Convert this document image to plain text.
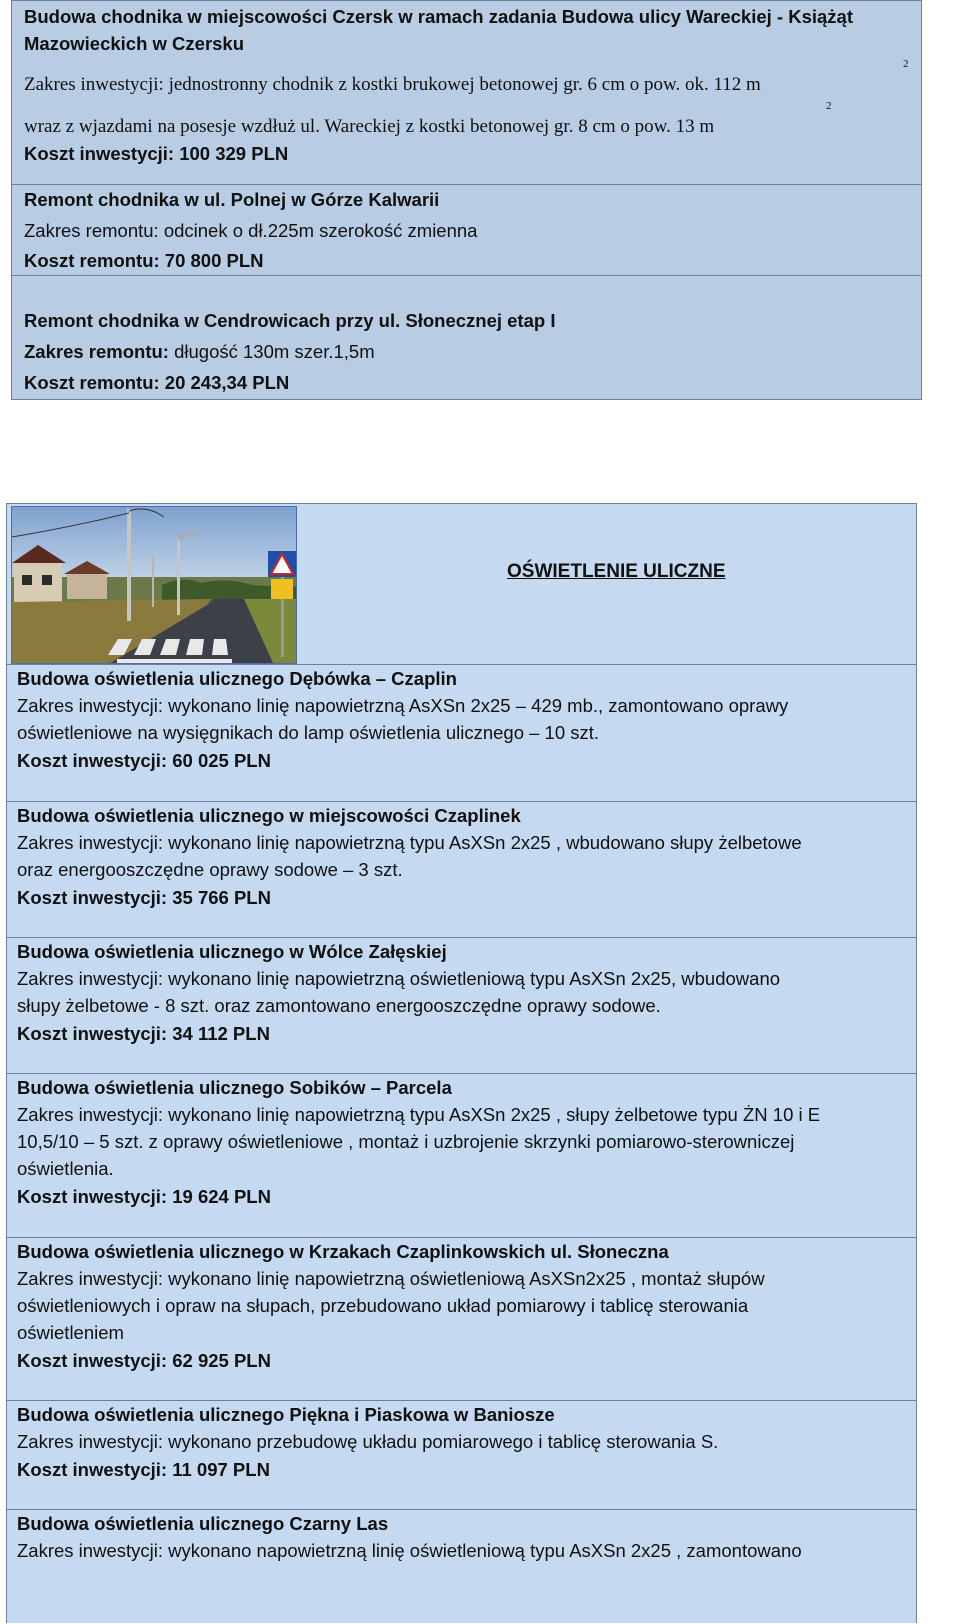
Budowa chodnika w miejscowości Czersk w ramach zadania Budowa ulicy Wareckiej - Książąt
Mazowieckich w Czersku
Zakres inwestycji: jednostronny chodnik z kostki brukowej betonowej gr. 6 cm o pow. ok. 112 m
2
wraz z wjazdami na posesje wzdłuż ul. Wareckiej z kostki betonowej gr. 8 cm o pow. 13 m
2
Koszt inwestycji: 100 329 PLN
Remont chodnika w ul. Polnej w Górze Kalwarii
Zakres remontu: odcinek o dł.225m szerokość zmienna
Koszt remontu: 70 800 PLN
Remont chodnika w Cendrowicach przy ul. Słonecznej etap I
Zakres remontu: długość 130m szer.1,5m
Koszt remontu: 20 243,34 PLN
OŚWIETLENIE ULICZNE
Budowa oświetlenia ulicznego Dębówka – Czaplin
Zakres inwestycji: wykonano linię napowietrzną AsXSn 2x25 – 429 mb., zamontowano oprawy
oświetleniowe na wysięgnikach do lamp oświetlenia ulicznego – 10 szt.
Koszt inwestycji: 60 025 PLN
Budowa oświetlenia ulicznego w miejscowości Czaplinek
Zakres inwestycji: wykonano linię napowietrzną typu AsXSn 2x25 , wbudowano słupy żelbetowe
oraz energooszczędne oprawy sodowe – 3 szt.
Koszt inwestycji: 35 766 PLN
Budowa oświetlenia ulicznego w Wólce Załęskiej
Zakres inwestycji: wykonano linię napowietrzną oświetleniową typu AsXSn 2x25, wbudowano
słupy żelbetowe - 8 szt. oraz zamontowano energooszczędne oprawy sodowe.
Koszt inwestycji: 34 112 PLN
Budowa oświetlenia ulicznego Sobików – Parcela
Zakres inwestycji: wykonano linię napowietrzną typu AsXSn 2x25 , słupy żelbetowe typu ŻN 10 i E
10,5/10 – 5 szt. z oprawy oświetleniowe , montaż i uzbrojenie skrzynki pomiarowo-sterowniczej
oświetlenia.
Koszt inwestycji: 19 624 PLN
Budowa oświetlenia ulicznego w Krzakach Czaplinkowskich ul. Słoneczna
Zakres inwestycji: wykonano linię napowietrzną oświetleniową AsXSn2x25 , montaż słupów
oświetleniowych i opraw na słupach, przebudowano układ pomiarowy i tablicę sterowania
oświetleniem
Koszt inwestycji: 62 925 PLN
Budowa oświetlenia ulicznego Piękna i Piaskowa w Baniosze
Zakres inwestycji: wykonano przebudowę układu pomiarowego i tablicę sterowania S.
Koszt inwestycji: 11 097 PLN
Budowa oświetlenia ulicznego Czarny Las
Zakres inwestycji: wykonano napowietrzną linię oświetleniową typu AsXSn 2x25 , zamontowano
